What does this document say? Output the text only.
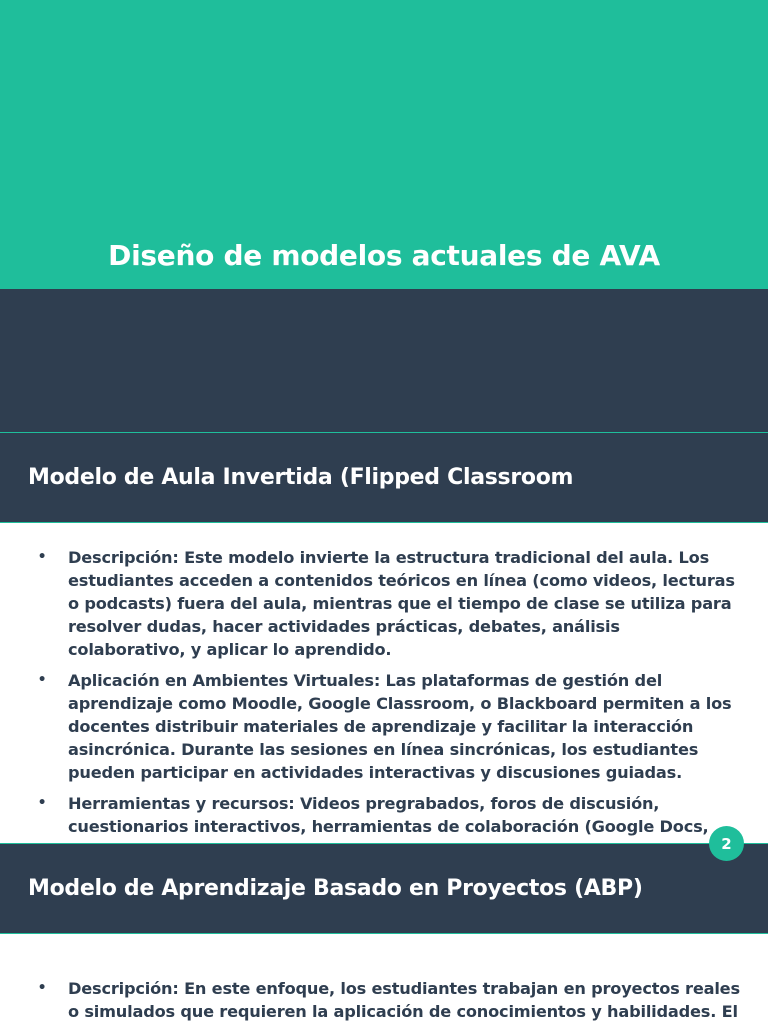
Diseño de modelos actuales de AVA
Modelo de Aula Invertida (Flipped Classroom
• Descripción: Este modelo invierte la estructura tradicional del aula. Los estudiantes acceden a contenidos teóricos en línea (como videos, lecturas o podcasts) fuera del aula, mientras que el tiempo de clase se utiliza para resolver dudas, hacer actividades prácticas, debates, análisis colaborativo, y aplicar lo aprendido.
• Aplicación en Ambientes Virtuales: Las plataformas de gestión del aprendizaje como Moodle, Google Classroom, o Blackboard permiten a los docentes distribuir materiales de aprendizaje y facilitar la interacción asincrónica. Durante las sesiones en línea sincrónicas, los estudiantes pueden participar en actividades interactivas y discusiones guiadas.
• Herramientas y recursos: Videos pregrabados, foros de discusión, cuestionarios interactivos, herramientas de colaboración (Google Docs,
Modelo de Aprendizaje Basado en Proyectos (ABP)
2
• Descripción: En este enfoque, los estudiantes trabajan en proyectos reales o simulados que requieren la aplicación de conocimientos y habilidades. El
